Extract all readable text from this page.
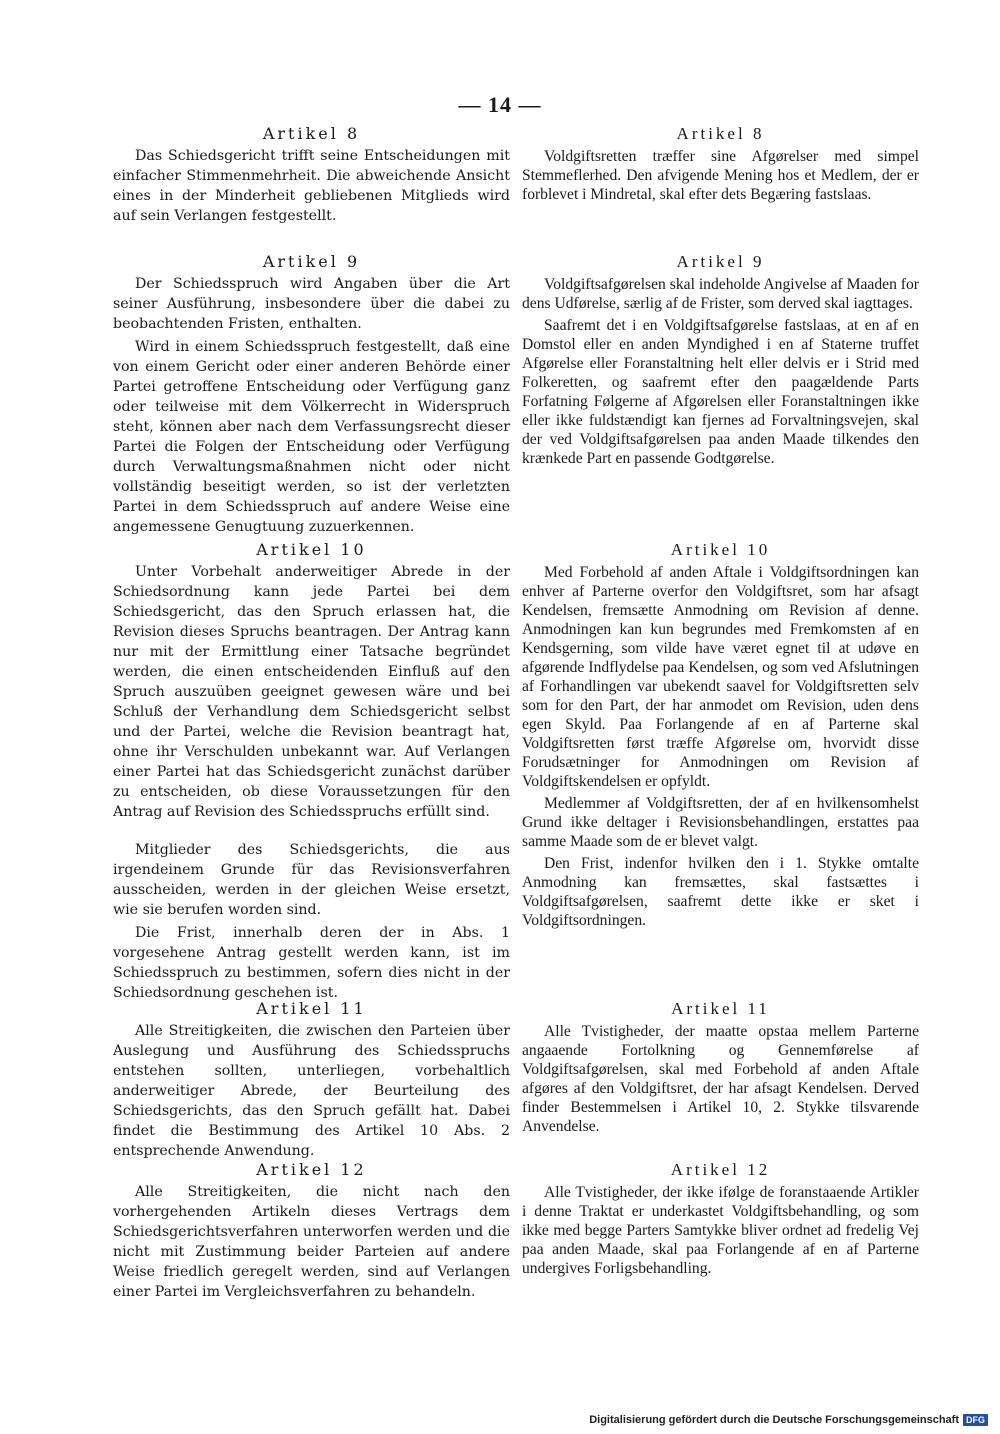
— 14 —
Artikel 8

Das Schiedsgericht trifft seine Entscheidungen mit einfacher Stimmenmehrheit. Die abweichende Ansicht eines in der Minderheit gebliebenen Mitglieds wird auf sein Verlangen festgestellt.

Artikel 9

Der Schiedsspruch wird Angaben über die Art seiner Ausführung, insbesondere über die dabei zu beobachtenden Fristen, enthalten.

Wird in einem Schiedsspruch festgestellt, daß eine von einem Gericht oder einer anderen Behörde einer Partei getroffene Entscheidung oder Verfügung ganz oder teilweise mit dem Völkerrecht in Widerspruch steht, können aber nach dem Verfassungsrecht dieser Partei die Folgen der Entscheidung oder Verfügung durch Verwaltungsmaßnahmen nicht oder nicht vollständig beseitigt werden, so ist der verletzten Partei in dem Schiedsspruch auf andere Weise eine angemessene Genugtuung zuzuerkennen.

Artikel 10

Unter Vorbehalt anderweitiger Abrede in der Schiedsordnung kann jede Partei bei dem Schiedsgericht, das den Spruch erlassen hat, die Revision dieses Spruchs beantragen. Der Antrag kann nur mit der Ermittlung einer Tatsache begründet werden, die einen entscheidenden Einfluß auf den Spruch auszuüben geeignet gewesen wäre und bei Schluß der Verhandlung dem Schiedsgericht selbst und der Partei, welche die Revision beantragt hat, ohne ihr Verschulden unbekannt war. Auf Verlangen einer Partei hat das Schiedsgericht zunächst darüber zu entscheiden, ob diese Voraussetzungen für den Antrag auf Revision des Schiedsspruchs erfüllt sind.

Mitglieder des Schiedsgerichts, die aus irgendeinem Grunde für das Revisionsverfahren ausscheiden, werden in der gleichen Weise ersetzt, wie sie berufen worden sind.

Die Frist, innerhalb deren der in Abs. 1 vorgesehene Antrag gestellt werden kann, ist im Schiedsspruch zu bestimmen, sofern dies nicht in der Schiedsordnung geschehen ist.

Artikel 11

Alle Streitigkeiten, die zwischen den Parteien über Auslegung und Ausführung des Schiedsspruchs entstehen sollten, unterliegen, vorbehaltlich anderweitiger Abrede, der Beurteilung des Schiedsgerichts, das den Spruch gefällt hat. Dabei findet die Bestimmung des Artikel 10 Abs. 2 entsprechende Anwendung.

Artikel 12

Alle Streitigkeiten, die nicht nach den vorhergehenden Artikeln dieses Vertrags dem Schiedsgerichtsverfahren unterworfen werden und die nicht mit Zustimmung beider Parteien auf andere Weise friedlich geregelt werden, sind auf Verlangen einer Partei im Vergleichsverfahren zu behandeln.

Artikel 8

Voldgiftsretten træffer sine Afgørelser med simpel Stemmeflerhed. Den afvigende Mening hos et Medlem, der er forblevet i Mindretal, skal efter dets Begæring fastslaas.

Artikel 9

Voldgiftsafgørelsen skal indeholde Angivelse af Maaden for dens Udførelse, særlig af de Frister, som derved skal iagttages.

Saafremt det i en Voldgiftsafgørelse fastslaas, at en af en Domstol eller en anden Myndighed i en af Staterne truffet Afgørelse eller Foranstaltning helt eller delvis er i Strid med Folkeretten, og saafremt efter den paagældende Parts Forfatning Følgerne af Afgørelsen eller Foranstaltningen ikke eller ikke fuldstændigt kan fjernes ad Forvaltningsvejen, skal der ved Voldgiftsafgørelsen paa anden Maade tilkendes den krænkede Part en passende Godtgørelse.

Artikel 10

Med Forbehold af anden Aftale i Voldgiftsordningen kan enhver af Parterne overfor den Voldgiftsret, som har afsagt Kendelsen, fremsætte Anmodning om Revision af denne. Anmodningen kan kun begrundes med Fremkomsten af en Kendsgerning, som vilde have været egnet til at udøve en afgørende Indflydelse paa Kendelsen, og som ved Afslutningen af Forhandlingen var ubekendt saavel for Voldgiftsretten selv som for den Part, der har anmodet om Revision, uden dens egen Skyld. Paa Forlangende af en af Parterne skal Voldgiftsretten først træffe Afgørelse om, hvorvidt disse Forudsætninger for Anmodningen om Revision af Voldgiftskendelsen er opfyldt.

Medlemmer af Voldgiftsretten, der af en hvilkensomhelst Grund ikke deltager i Revisionsbehandlingen, erstattes paa samme Maade som de er blevet valgt.

Den Frist, indenfor hvilken den i 1. Stykke omtalte Anmodning kan fremsættes, skal fastsættes i Voldgiftsafgørelsen, saafremt dette ikke er sket i Voldgiftsordningen.

Artikel 11

Alle Tvistigheder, der maatte opstaa mellem Parterne angaaende Fortolkning og Gennemførelse af Voldgiftsafgørelsen, skal med Forbehold af anden Aftale afgøres af den Voldgiftsret, der har afsagt Kendelsen. Derved finder Bestemmelsen i Artikel 10, 2. Stykke tilsvarende Anvendelse.

Artikel 12

Alle Tvistigheder, der ikke ifølge de foranstaaende Artikler i denne Traktat er underkastet Voldgiftsbehandling, og som ikke med begge Parters Samtykke bliver ordnet ad fredelig Vej paa anden Maade, skal paa Forlangende af en af Parterne undergives Forligsbehandling.

Digitalisierung gefördert durch die Deutsche Forschungsgemeinschaft DFG
